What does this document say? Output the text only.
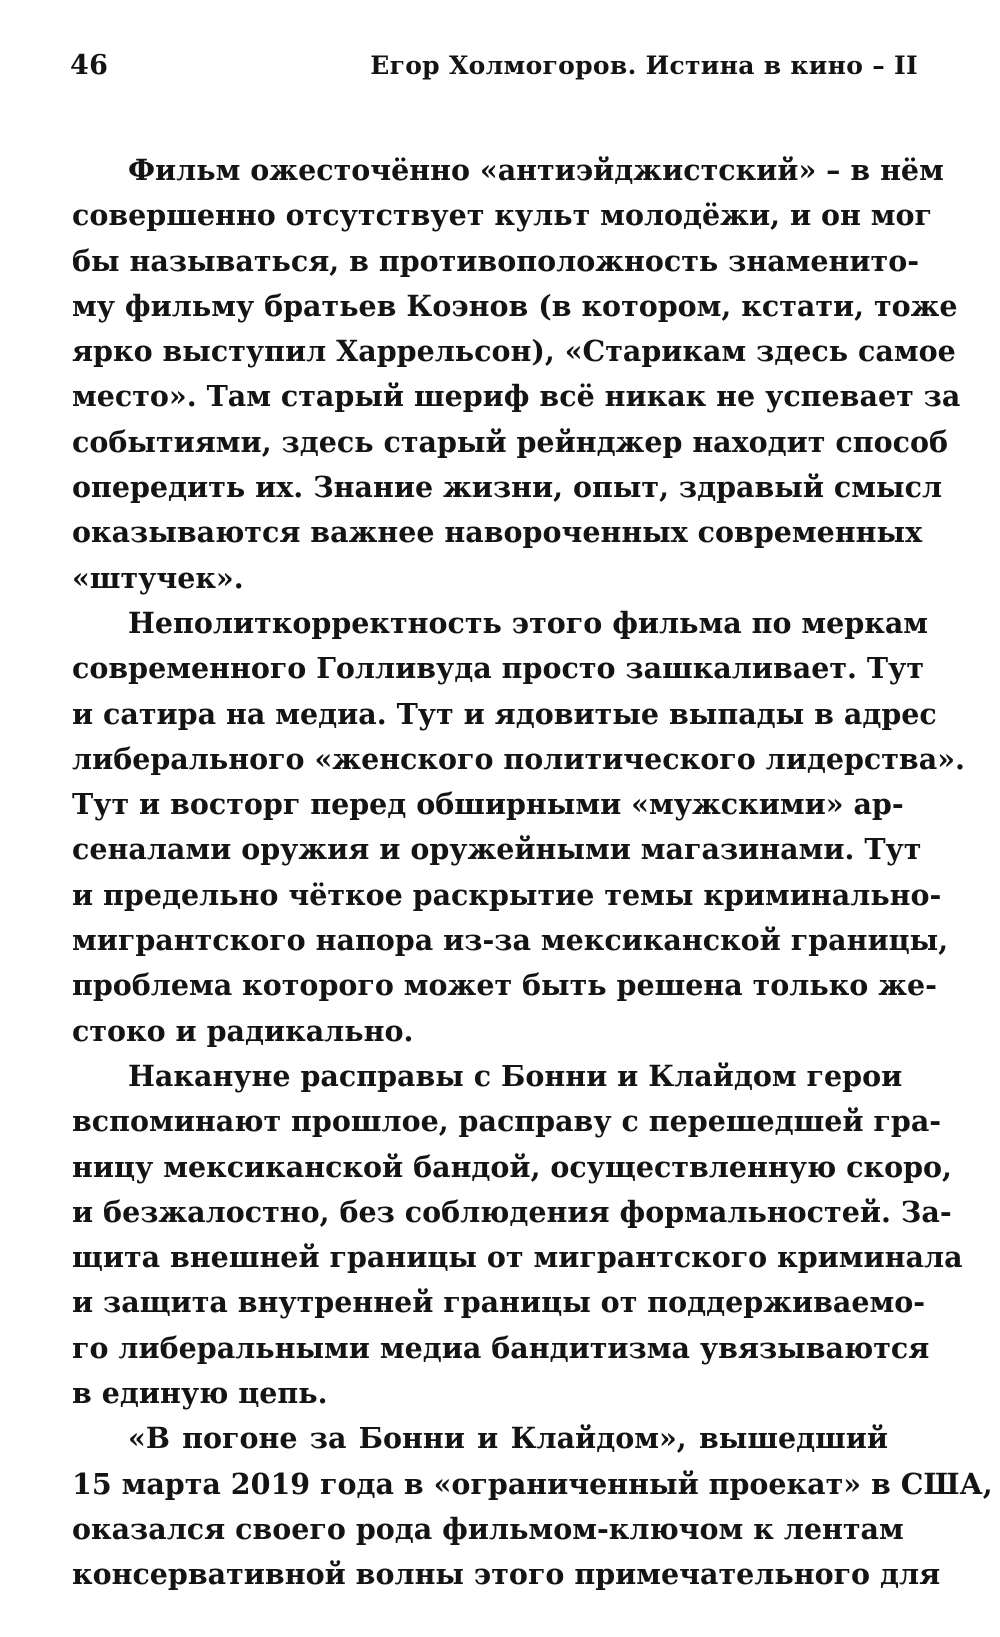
46	Егор Холмогоров. Истина в кино – II
Фильм ожесточённо «антиэйджистский» – в нём
совершенно отсутствует культ молодёжи, и он мог
бы называться, в противоположность знаменито-
му фильму братьев Коэнов (в котором, кстати, тоже
ярко выступил Харрельсон), «Старикам здесь самое
место». Там старый шериф всё никак не успевает за
событиями, здесь старый рейнджер находит способ
опередить их. Знание жизни, опыт, здравый смысл
оказываются важнее навороченных современных
«штучек».
Неполиткорректность этого фильма по меркам
современного Голливуда просто зашкаливает. Тут
и сатира на медиа. Тут и ядовитые выпады в адрес
либерального «женского политического лидерства».
Тут и восторг перед обширными «мужскими» ар-
сеналами оружия и оружейными магазинами. Тут
и предельно чёткое раскрытие темы криминально-
мигрантского напора из-за мексиканской границы,
проблема которого может быть решена только же-
стоко и радикально.
Накануне расправы с Бонни и Клайдом герои
вспоминают прошлое, расправу с перешедшей гра-
ницу мексиканской бандой, осуществленную скоро,
и безжалостно, без соблюдения формальностей. За-
щита внешней границы от мигрантского криминала
и защита внутренней границы от поддерживаемо-
го либеральными медиа бандитизма увязываются
в единую цепь.
«В погоне за Бонни и Клайдом», вышедший
15 марта 2019 года в «ограниченный проекат» в США,
оказался своего рода фильмом-ключом к лентам
консервативной волны этого примечательного для
